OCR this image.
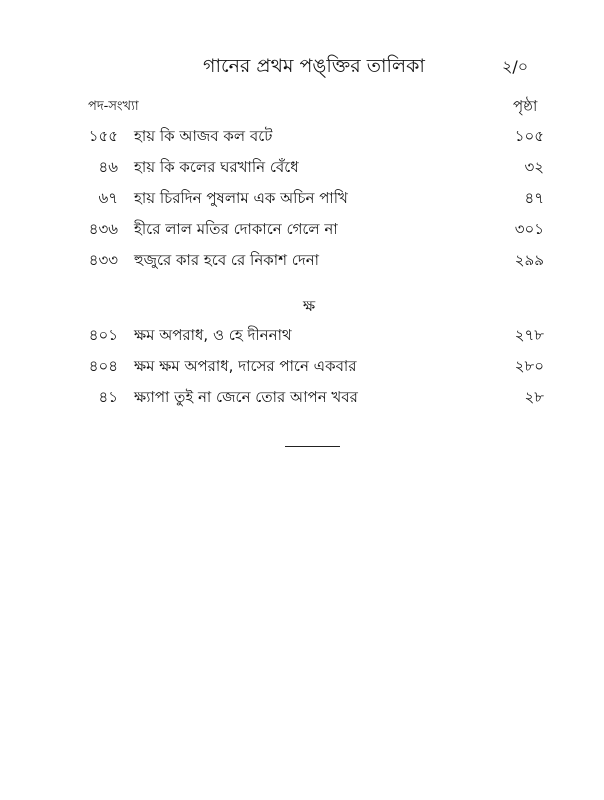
গানের প্রথম পঙ্‌ক্তির তালিকা	২/০
পদ-সংখ্যা	পৃষ্ঠা
১৫৫ হায় কি আজব কল বটে	১০৫
৪৬ হায় কি কলের ঘরখানি বেঁধে	৩২
৬৭ হায় চিরদিন পুষলাম এক অচিন পাখি	৪৭
৪৩৬ হীরে লাল মতির দোকানে গেলে না	৩০১
৪৩৩ হুজুরে কার হবে রে নিকাশ দেনা	২৯৯
ক্ষ
৪০১ ক্ষম অপরাধ, ও হে দীননাথ	২৭৮
৪০৪ ক্ষম ক্ষম অপরাধ, দাসের পানে একবার	২৮০
৪১ ক্ষ্যাপা তুই না জেনে তোর আপন খবর	২৮
